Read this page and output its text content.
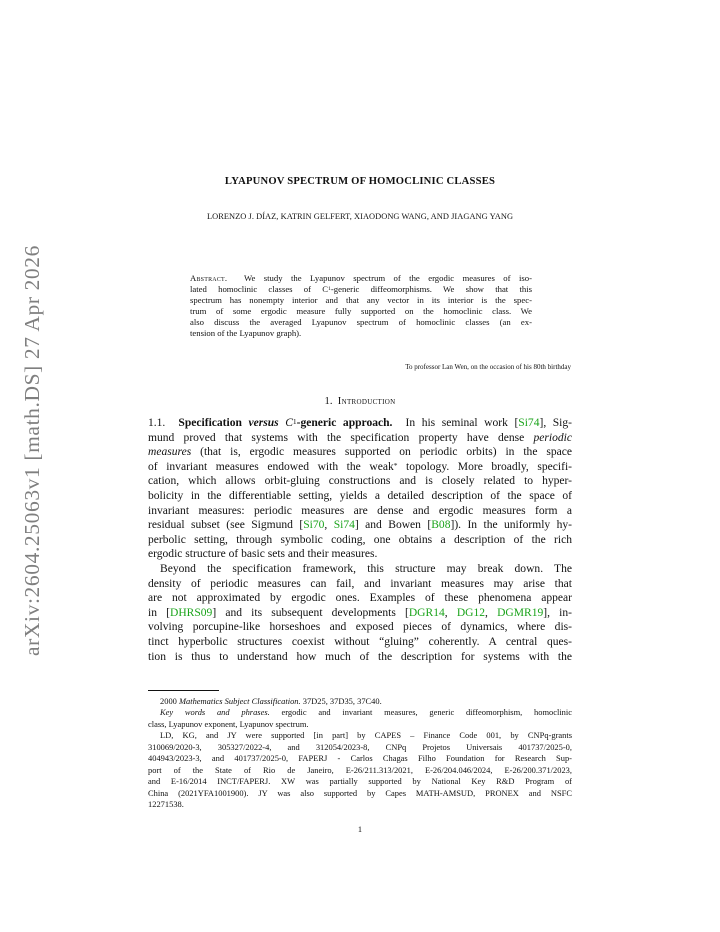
arXiv:2604.25063v1 [math.DS] 27 Apr 2026
LYAPUNOV SPECTRUM OF HOMOCLINIC CLASSES
LORENZO J. DÍAZ, KATRIN GELFERT, XIAODONG WANG, AND JIAGANG YANG
Abstract. We study the Lyapunov spectrum of the ergodic measures of iso-
lated homoclinic classes of $C^1$-generic diffeomorphisms. We show that this
spectrum has nonempty interior and that any vector in its interior is the spec-
trum of some ergodic measure fully supported on the homoclinic class. We
also discuss the averaged Lyapunov spectrum of homoclinic classes (an ex-
tension of the Lyapunov graph).
To professor Lan Wen, on the occasion of his 80th birthday
1. Introduction
1.1. Specification versus $C^1$-generic approach. In his seminal work [Si74], Sig-
mund proved that systems with the specification property have dense periodic
measures (that is, ergodic measures supported on periodic orbits) in the space
of invariant measures endowed with the weak* topology. More broadly, specifi-
cation, which allows orbit-gluing constructions and is closely related to hyper-
bolicity in the differentiable setting, yields a detailed description of the space of
invariant measures: periodic measures are dense and ergodic measures form a
residual subset (see Sigmund [Si70, Si74] and Bowen [B08]). In the uniformly hy-
perbolic setting, through symbolic coding, one obtains a description of the rich
ergodic structure of basic sets and their measures.
Beyond the specification framework, this structure may break down. The
density of periodic measures can fail, and invariant measures may arise that
are not approximated by ergodic ones. Examples of these phenomena appear
in [DHRS09] and its subsequent developments [DGR14, DG12, DGMR19], in-
volving porcupine-like horseshoes and exposed pieces of dynamics, where dis-
tinct hyperbolic structures coexist without “gluing” coherently. A central ques-
tion is thus to understand how much of the description for systems with the
2000 Mathematics Subject Classification. 37D25, 37D35, 37C40.
Key words and phrases. ergodic and invariant measures, generic diffeomorphism, homoclinic
class, Lyapunov exponent, Lyapunov spectrum.
LD, KG, and JY were supported [in part] by CAPES – Finance Code 001, by CNPq-grants
310069/2020-3, 305327/2022-4, and 312054/2023-8, CNPq Projetos Universais 401737/2025-0,
404943/2023-3, and 401737/2025-0, FAPERJ - Carlos Chagas Filho Foundation for Research Sup-
port of the State of Rio de Janeiro, E-26/211.313/2021, E-26/204.046/2024, E-26/200.371/2023,
and E-16/2014 INCT/FAPERJ. XW was partially supported by National Key R&D Program of
China (2021YFA1001900). JY was also supported by Capes MATH-AMSUD, PRONEX and NSFC
12271538.
1
